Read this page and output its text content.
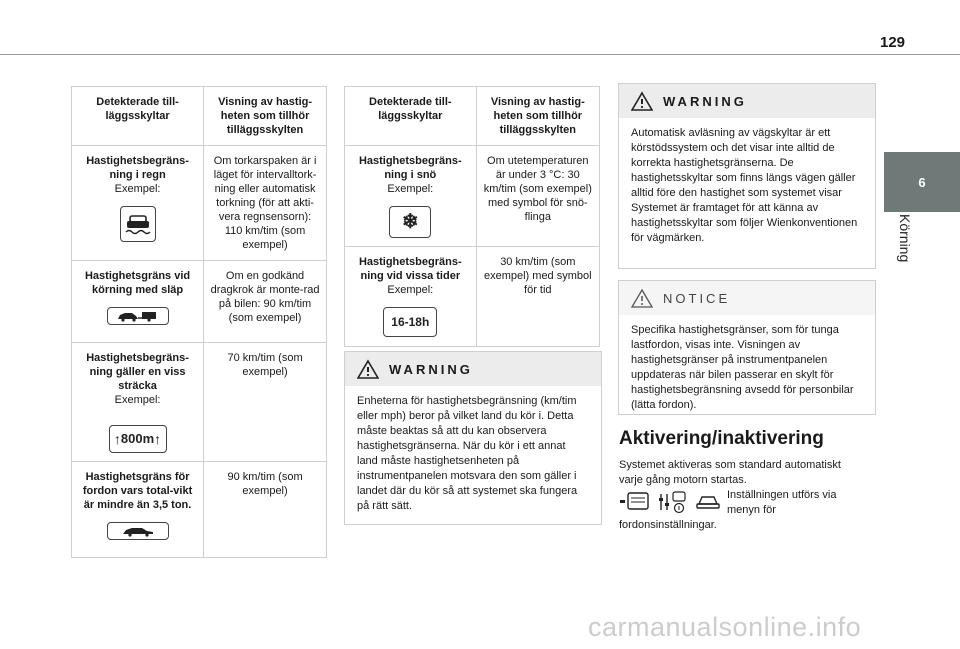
129
6
Körning
Detekterade till-läggsskyltar	Visning av hastig-heten som tillhör tilläggsskylten

Hastighetsbegräns-ning i regn
Exempel:	Om torkarspaken är i läget för intervalltork-ning eller automatisk torkning (för att akti-vera regnsensorn): 110 km/tim (som exempel)

Hastighetsgräns vid körning med släp	Om en godkänd dragkrok är monte-rad på bilen: 90 km/tim (som exempel)

Hastighetsbegräns-ning gäller en viss sträcka
Exempel:
↑ 800m ↑	70 km/tim (som exempel)

Hastighetsgräns för fordon vars total-vikt är mindre än 3,5 ton.	90 km/tim (som exempel)
Detekterade till-läggsskyltar	Visning av hastig-heten som tillhör tilläggsskylten

Hastighetsbegräns-ning i snö
Exempel:
❄	Om utetemperaturen är under 3 °C: 30 km/tim (som exempel) med symbol för snö-flinga

Hastighetsbegräns-ning vid vissa tider
Exempel:
16-18h	30 km/tim (som exempel) med symbol för tid
WARNING

Enheterna för hastighetsbegränsning (km/tim eller mph) beror på vilket land du kör i. Detta måste beaktas så att du kan observera hastighetsgränserna. När du kör i ett annat land måste hastighetsenheten på instrumentpanelen motsvara den som gäller i landet där du kör så att systemet ska fungera på rätt sätt.

WARNING

Automatisk avläsning av vägskyltar är ett körstödssystem och det visar inte alltid de korrekta hastighetsgränserna. De hastighetsskyltar som finns längs vägen gäller alltid före den hastighet som systemet visar Systemet är framtaget för att känna av hastighetsskyltar som följer Wienkonventionen för vägmärken.

NOTICE

Specifika hastighetsgränser, som för tunga lastfordon, visas inte. Visningen av hastighetsgränser på instrumentpanelen uppdateras när bilen passerar en skylt för hastighetsbegränsning avsedd för personbilar (lätta fordon).

Aktivering/inaktivering
Systemet aktiveras som standard automatiskt varje gång motorn startas.
Inställningen utförs via menyn för
fordonsinställningar.
carmanualsonline.info
